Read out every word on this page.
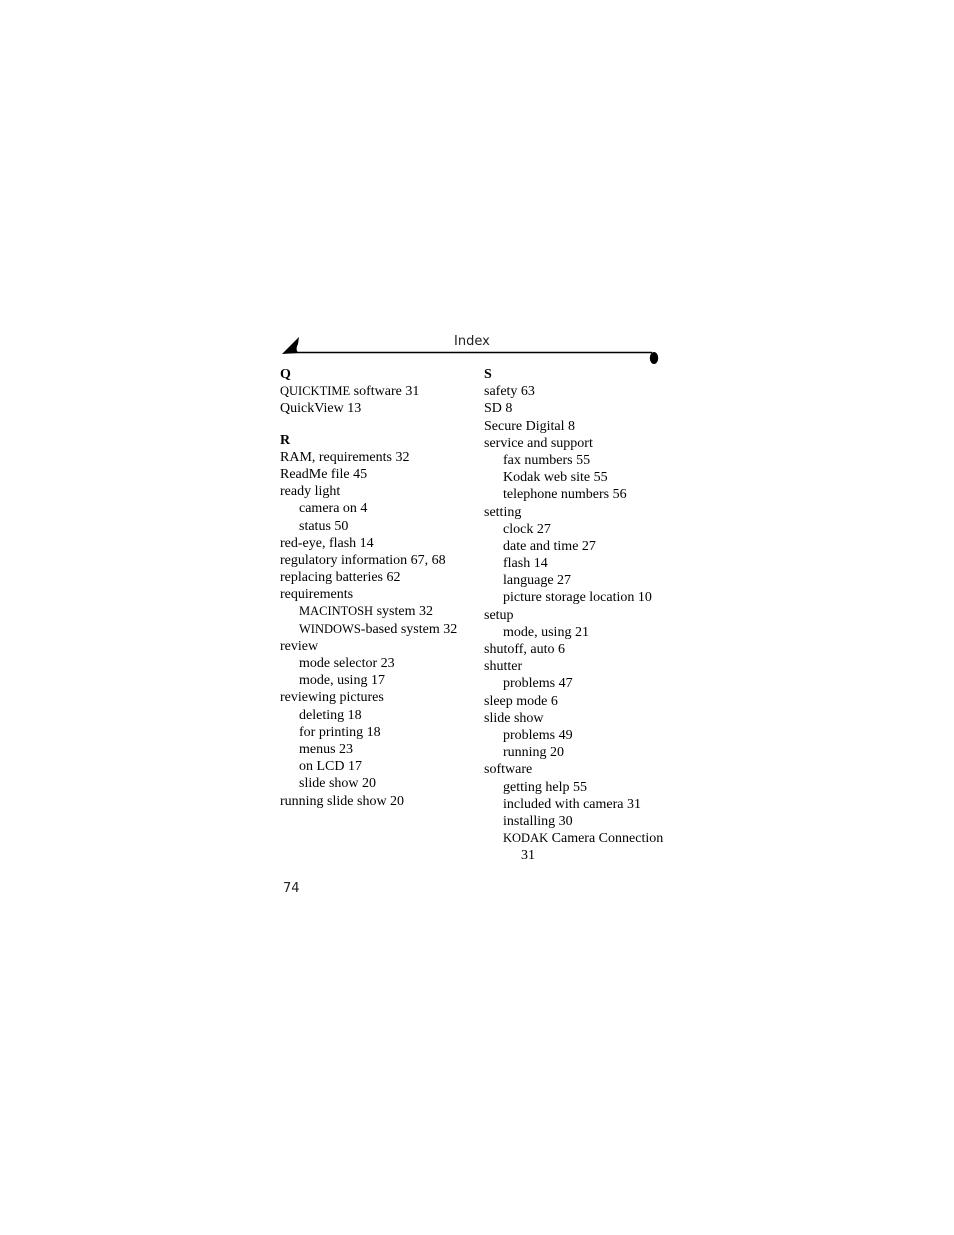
Index
Q
QUICKTIME software 31
QuickView 13
R
RAM, requirements 32
ReadMe file 45
ready light
camera on 4
status 50
red-eye, flash 14
regulatory information 67, 68
replacing batteries 62
requirements
MACINTOSH system 32
WINDOWS-based system 32
review
mode selector 23
mode, using 17
reviewing pictures
deleting 18
for printing 18
menus 23
on LCD 17
slide show 20
running slide show 20
S
safety 63
SD 8
Secure Digital 8
service and support
fax numbers 55
Kodak web site 55
telephone numbers 56
setting
clock 27
date and time 27
flash 14
language 27
picture storage location 10
setup
mode, using 21
shutoff, auto 6
shutter
problems 47
sleep mode 6
slide show
problems 49
running 20
software
getting help 55
included with camera 31
installing 30
KODAK Camera Connection
31
74
